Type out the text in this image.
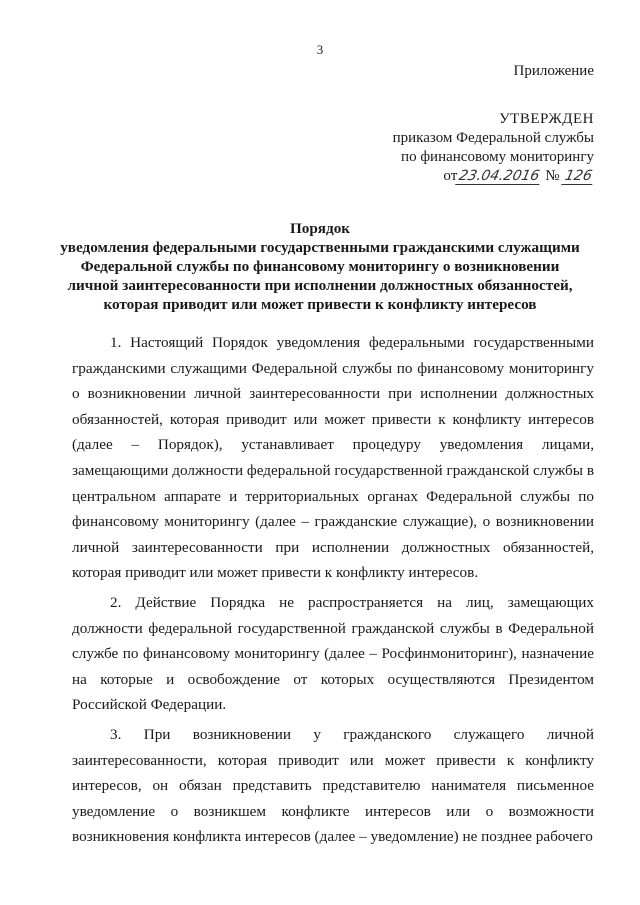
3
Приложение
УТВЕРЖДЕН
приказом Федеральной службы
по финансовому мониторингу
от23.04.2016 № 126
Порядок
уведомления федеральными государственными гражданскими служащими
Федеральной службы по финансовому мониторингу о возникновении
личной заинтересованности при исполнении должностных обязанностей,
которая приводит или может привести к конфликту интересов

1. Настоящий Порядок уведомления федеральными государственными гражданскими служащими Федеральной службы по финансовому мониторингу о возникновении личной заинтересованности при исполнении должностных обязанностей, которая приводит или может привести к конфликту интересов (далее – Порядок), устанавливает процедуру уведомления лицами, замещающими должности федеральной государственной гражданской службы в центральном аппарате и территориальных органах Федеральной службы по финансовому мониторингу (далее – гражданские служащие), о возникновении личной заинтересованности при исполнении должностных обязанностей, которая приводит или может привести к конфликту интересов.

2. Действие Порядка не распространяется на лиц, замещающих должности федеральной государственной гражданской службы в Федеральной службе по финансовому мониторингу (далее – Росфинмониторинг), назначение на которые и освобождение от которых осуществляются Президентом Российской Федерации.

3. При возникновении у гражданского служащего личной заинтересованности, которая приводит или может привести к конфликту интересов, он обязан представить представителю нанимателя письменное уведомление о возникшем конфликте интересов или о возможности возникновения конфликта интересов (далее – уведомление) не позднее рабочего
